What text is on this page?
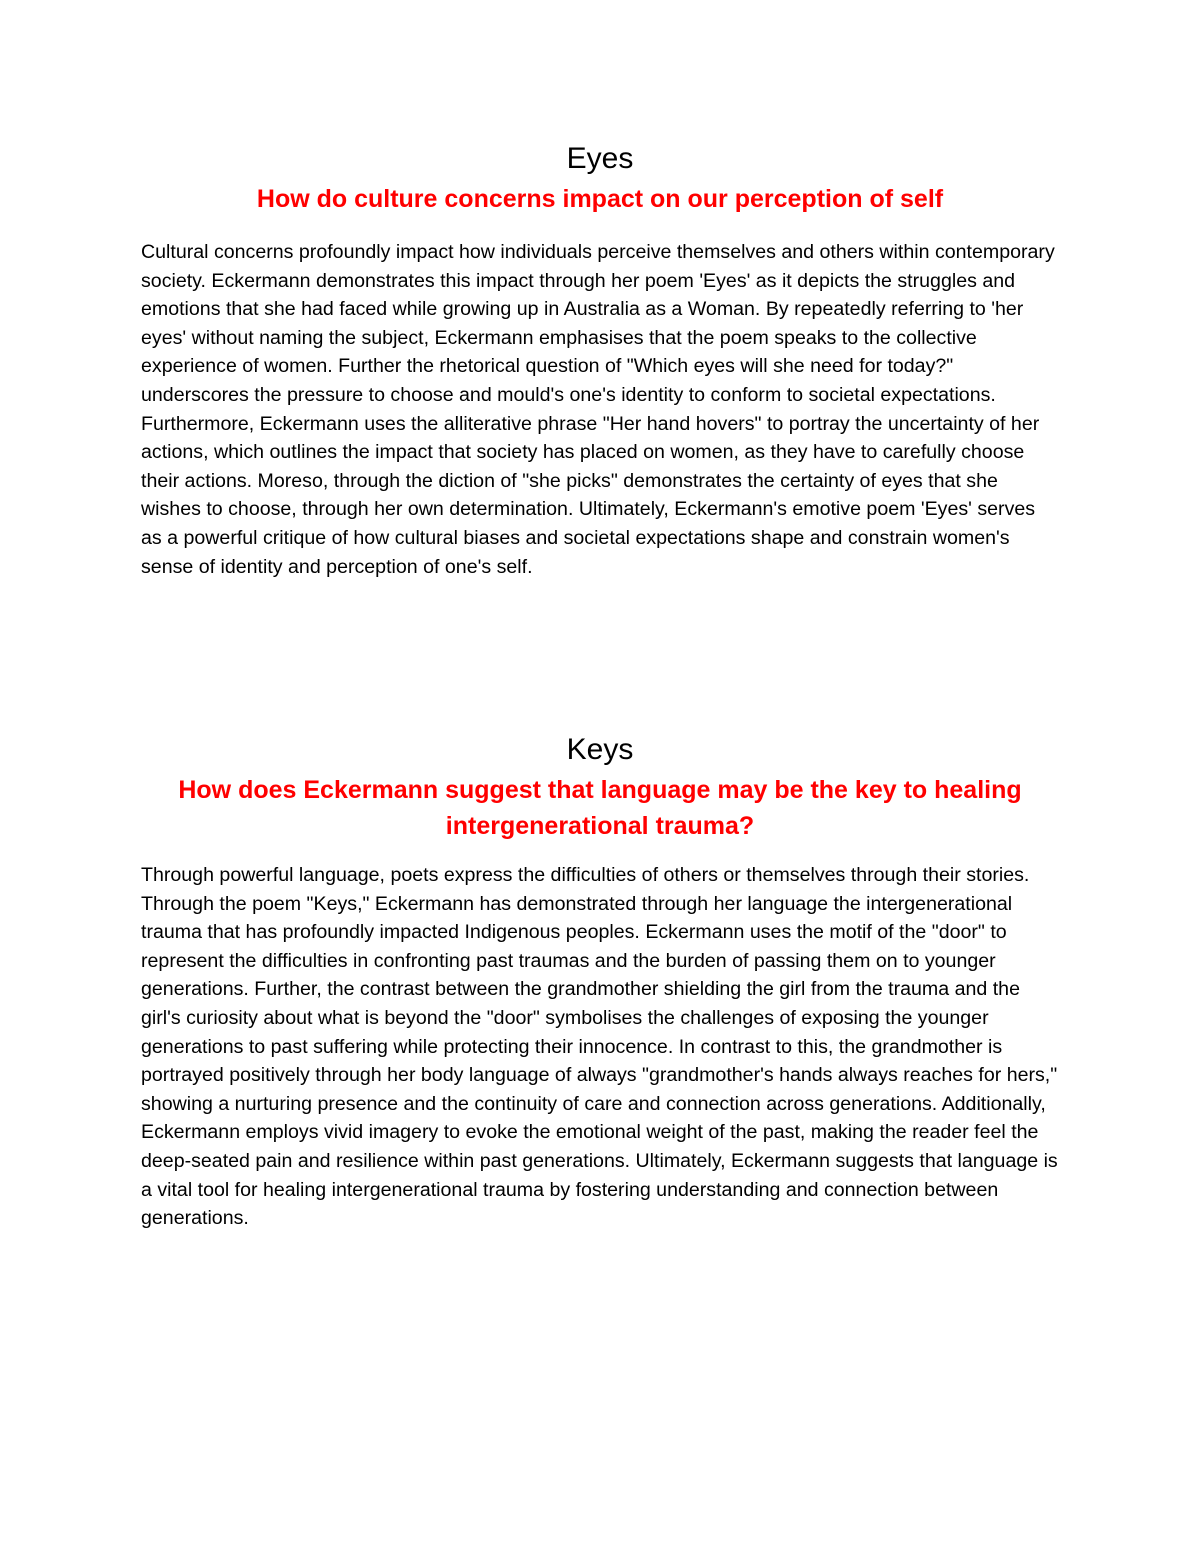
Eyes
How do culture concerns impact on our perception of self

Cultural concerns profoundly impact how individuals perceive themselves and others within contemporary society. Eckermann demonstrates this impact through her poem 'Eyes' as it depicts the struggles and emotions that she had faced while growing up in Australia as a Woman. By repeatedly referring to 'her eyes' without naming the subject, Eckermann emphasises that the poem speaks to the collective experience of women. Further the rhetorical question of "Which eyes will she need for today?" underscores the pressure to choose and mould's one's identity to conform to societal expectations. Furthermore, Eckermann uses the alliterative phrase "Her hand hovers" to portray the uncertainty of her actions, which outlines the impact that society has placed on women, as they have to carefully choose their actions. Moreso, through the diction of "she picks" demonstrates the certainty of eyes that she wishes to choose, through her own determination. Ultimately, Eckermann's emotive poem 'Eyes' serves as a powerful critique of how cultural biases and societal expectations shape and constrain women's sense of identity and perception of one's self.

Keys
How does Eckermann suggest that language may be the key to healing intergenerational trauma?

Through powerful language, poets express the difficulties of others or themselves through their stories. Through the poem "Keys," Eckermann has demonstrated through her language the intergenerational trauma that has profoundly impacted Indigenous peoples. Eckermann uses the motif of the "door" to represent the difficulties in confronting past traumas and the burden of passing them on to younger generations. Further, the contrast between the grandmother shielding the girl from the trauma and the girl's curiosity about what is beyond the "door" symbolises the challenges of exposing the younger generations to past suffering while protecting their innocence. In contrast to this, the grandmother is portrayed positively through her body language of always "grandmother's hands always reaches for hers," showing a nurturing presence and the continuity of care and connection across generations. Additionally, Eckermann employs vivid imagery to evoke the emotional weight of the past, making the reader feel the deep-seated pain and resilience within past generations. Ultimately, Eckermann suggests that language is a vital tool for healing intergenerational trauma by fostering understanding and connection between generations.
